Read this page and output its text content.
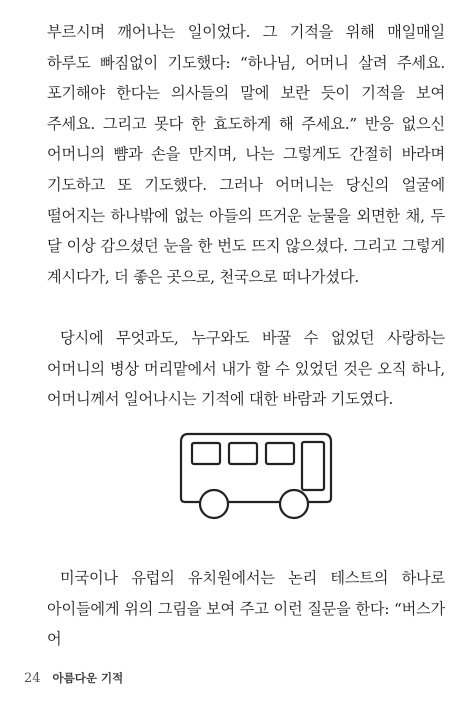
부르시며 깨어나는 일이었다. 그 기적을 위해 매일매일 하루도 빠짐없이 기도했다: “하나님, 어머니 살려 주세요. 포기해야 한다는 의사들의 말에 보란 듯이 기적을 보여 주세요. 그리고 못다 한 효도하게 해 주세요.” 반응 없으신 어머니의 뺨과 손을 만지며, 나는 그렇게도 간절히 바라며 기도하고 또 기도했다. 그러나 어머니는 당신의 얼굴에 떨어지는 하나밖에 없는 아들의 뜨거운 눈물을 외면한 채, 두 달 이상 감으셨던 눈을 한 번도 뜨지 않으셨다. 그리고 그렇게 계시다가, 더 좋은 곳으로, 천국으로 떠나가셨다.

당시에 무엇과도, 누구와도 바꿀 수 없었던 사랑하는 어머니의 병상 머리맡에서 내가 할 수 있었던 것은 오직 하나, 어머니께서 일어나시는 기적에 대한 바람과 기도였다.

미국이나 유럽의 유치원에서는 논리 테스트의 하나로 아이들에게 위의 그림을 보여 주고 이런 질문을 한다: “버스가 어

24 아름다운 기적
